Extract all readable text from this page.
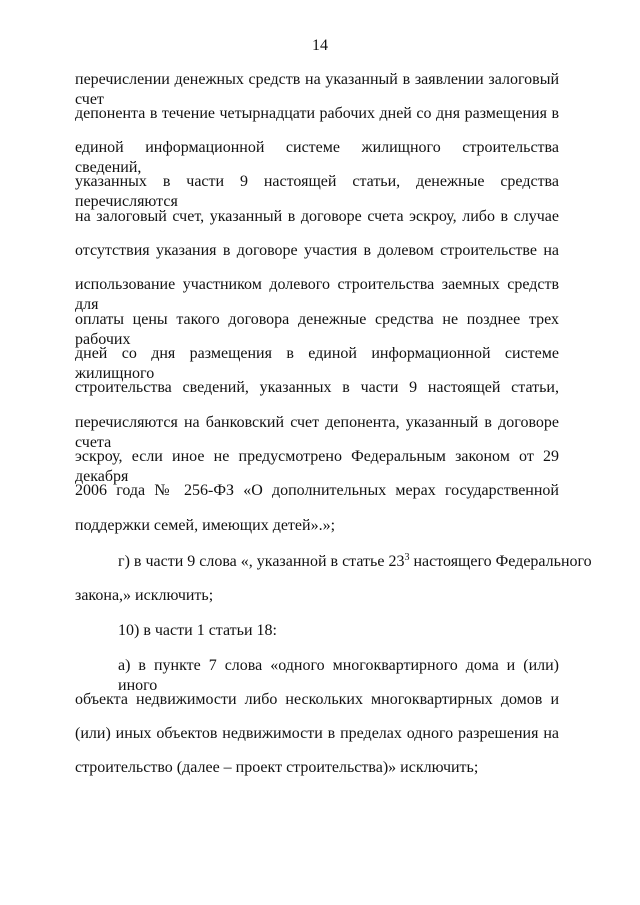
14
перечислении денежных средств на указанный в заявлении залоговый счет
депонента в течение четырнадцати рабочих дней со дня размещения в
единой информационной системе жилищного строительства сведений,
указанных в части 9 настоящей статьи, денежные средства перечисляются
на залоговый счет, указанный в договоре счета эскроу, либо в случае
отсутствия указания в договоре участия в долевом строительстве на
использование участником долевого строительства заемных средств для
оплаты цены такого договора денежные средства не позднее трех рабочих
дней со дня размещения в единой информационной системе жилищного
строительства сведений, указанных в части 9 настоящей статьи,
перечисляются на банковский счет депонента, указанный в договоре счета
эскроу, если иное не предусмотрено Федеральным законом от 29 декабря
2006 года № 256-ФЗ «О дополнительных мерах государственной
поддержки семей, имеющих детей».»;
г) в части 9 слова «, указанной в статье $23^3$ настоящего Федерального
закона,» исключить;
10) в части 1 статьи 18:
а) в пункте 7 слова «одного многоквартирного дома и (или) иного
объекта недвижимости либо нескольких многоквартирных домов и
(или) иных объектов недвижимости в пределах одного разрешения на
строительство (далее – проект строительства)» исключить;
